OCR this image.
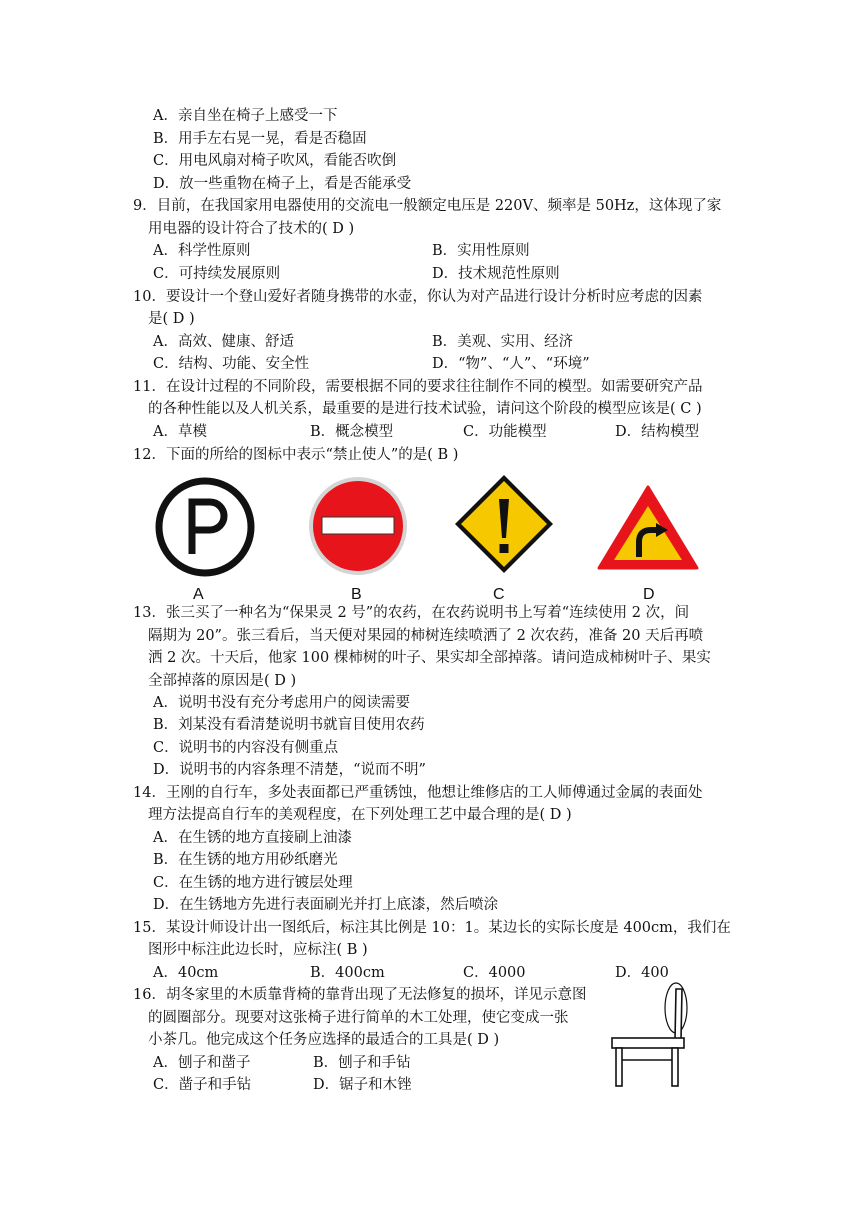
A．亲自坐在椅子上感受一下
B．用手左右晃一晃，看是否稳固
C．用电风扇对椅子吹风，看能否吹倒
D．放一些重物在椅子上，看是否能承受
9．目前，在我国家用电器使用的交流电一般额定电压是 220V、频率是 50Hz，这体现了家
用电器的设计符合了技术的( D )
A．科学性原则	B．实用性原则
C．可持续发展原则	D．技术规范性原则
10．要设计一个登山爱好者随身携带的水壶，你认为对产品进行设计分析时应考虑的因素
是( D )
A．高效、健康、舒适	B．美观、实用、经济
C．结构、功能、安全性	D．“物”、“人”、“环境”
11．在设计过程的不同阶段，需要根据不同的要求往往制作不同的模型。如需要研究产品
的各种性能以及人机关系，最重要的是进行技术试验，请问这个阶段的模型应该是( C )
A．草模	B．概念模型	C．功能模型	D．结构模型
12．下面的所给的图标中表示“禁止使人”的是( B )
A	B	C	D
13．张三买了一种名为“保果灵 2 号”的农药，在农药说明书上写着“连续使用 2 次，间
隔期为 20”。张三看后，当天便对果园的柿树连续喷洒了 2 次农药，准备 20 天后再喷
洒 2 次。十天后，他家 100 棵柿树的叶子、果实却全部掉落。请问造成柿树叶子、果实
全部掉落的原因是( D )
A．说明书没有充分考虑用户的阅读需要
B．刘某没有看清楚说明书就盲目使用农药
C．说明书的内容没有侧重点
D．说明书的内容条理不清楚，“说而不明”
14．王刚的自行车，多处表面都已严重锈蚀，他想让维修店的工人师傅通过金属的表面处
理方法提高自行车的美观程度，在下列处理工艺中最合理的是( D )
A．在生锈的地方直接刷上油漆
B．在生锈的地方用砂纸磨光
C．在生锈的地方进行镀层处理
D．在生锈地方先进行表面刷光并打上底漆，然后喷涂
15．某设计师设计出一图纸后，标注其比例是 10：1。某边长的实际长度是 400cm，我们在
图形中标注此边长时，应标注( B )
A．40cm	B．400cm	C．4000	D．400
16．胡冬家里的木质靠背椅的靠背出现了无法修复的损坏，详见示意图
的圆圈部分。现要对这张椅子进行简单的木工处理，使它变成一张
小茶几。他完成这个任务应选择的最适合的工具是( D )
A．刨子和凿子	B．刨子和手钻
C．凿子和手钻	D．锯子和木锉
